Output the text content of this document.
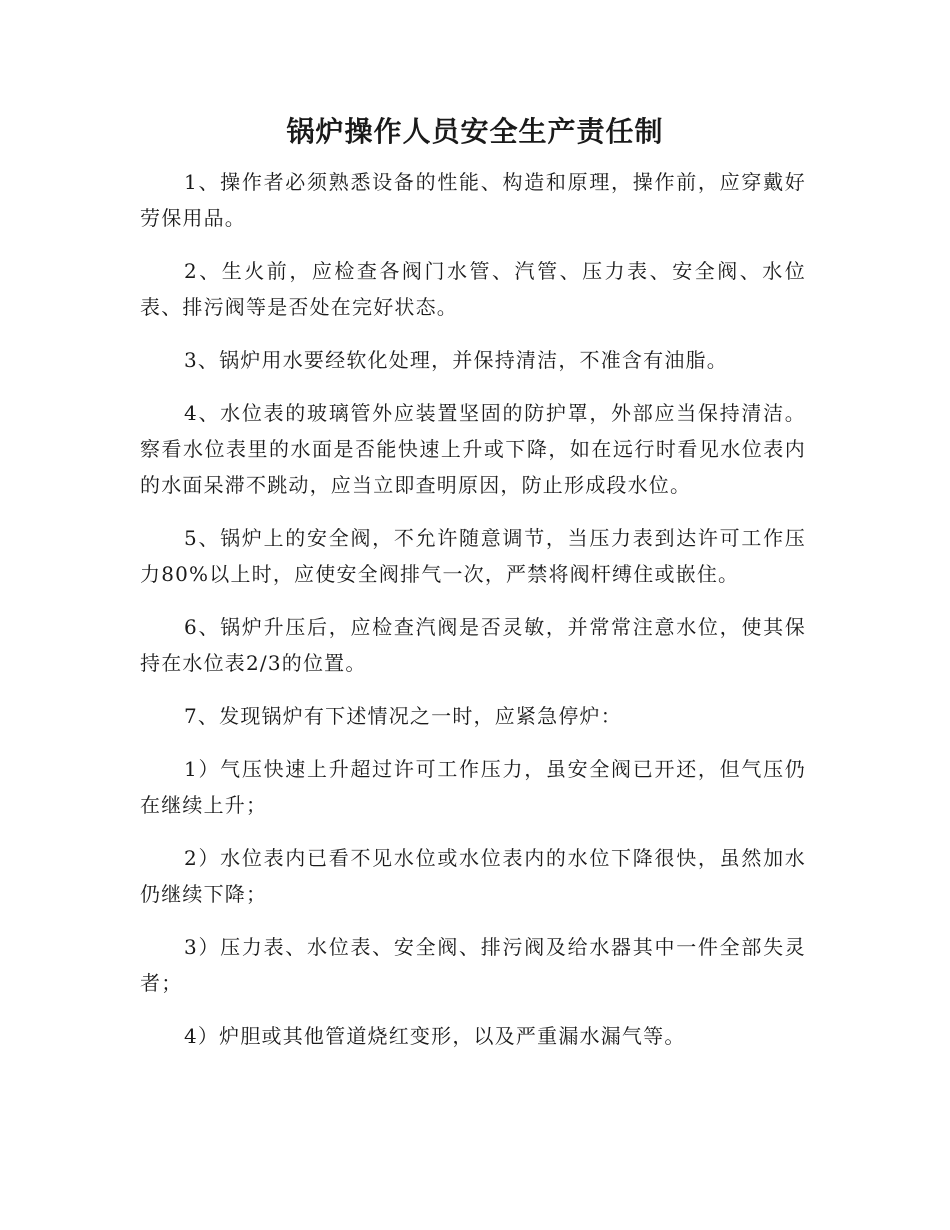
锅炉操作人员安全生产责任制

1、操作者必须熟悉设备的性能、构造和原理，操作前，应穿戴好劳保用品。

2、生火前，应检查各阀门水管、汽管、压力表、安全阀、水位表、排污阀等是否处在完好状态。

3、锅炉用水要经软化处理，并保持清洁，不准含有油脂。

4、水位表的玻璃管外应装置坚固的防护罩，外部应当保持清洁。察看水位表里的水面是否能快速上升或下降，如在远行时看见水位表内的水面呆滞不跳动，应当立即查明原因，防止形成段水位。

5、锅炉上的安全阀，不允许随意调节，当压力表到达许可工作压力80%以上时，应使安全阀排气一次，严禁将阀杆缚住或嵌住。

6、锅炉升压后，应检查汽阀是否灵敏，并常常注意水位，使其保持在水位表2/3的位置。

7、发现锅炉有下述情况之一时，应紧急停炉：

1）气压快速上升超过许可工作压力，虽安全阀已开还，但气压仍在继续上升；

2）水位表内已看不见水位或水位表内的水位下降很快，虽然加水仍继续下降；

3）压力表、水位表、安全阀、排污阀及给水器其中一件全部失灵者；

4）炉胆或其他管道烧红变形，以及严重漏水漏气等。
